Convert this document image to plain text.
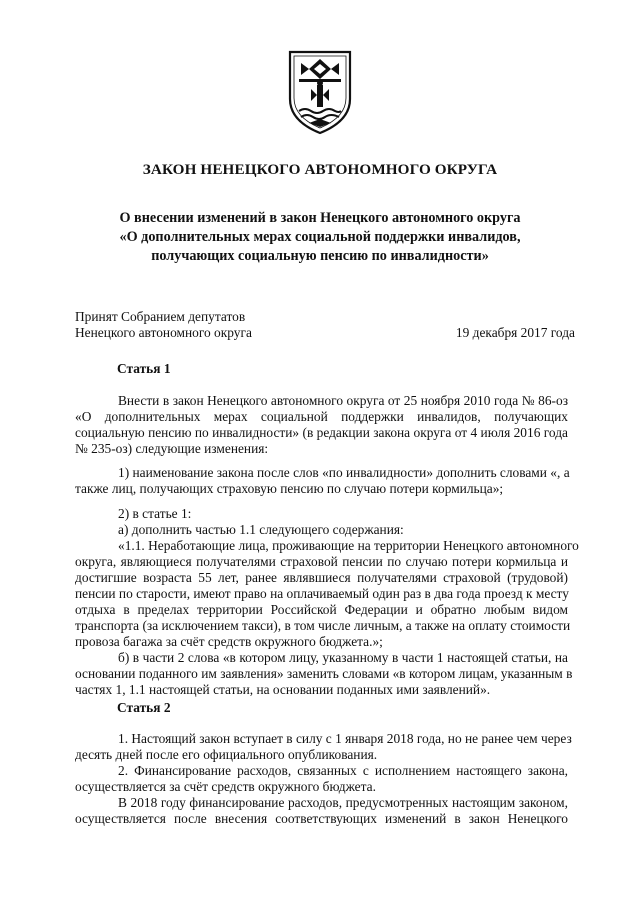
ЗАКОН НЕНЕЦКОГО АВТОНОМНОГО ОКРУГА
О внесении изменений в закон Ненецкого автономного округа
«О дополнительных мерах социальной поддержки инвалидов,
получающих социальную пенсию по инвалидности»
Принят Собранием депутатов
Ненецкого автономного округа	19 декабря 2017 года
Статья 1
Внести в закон Ненецкого автономного округа от 25 ноября 2010 года № 86-оз
«О дополнительных мерах социальной поддержки инвалидов, получающих
социальную пенсию по инвалидности» (в редакции закона округа от 4 июля 2016 года
№ 235-оз) следующие изменения:
1) наименование закона после слов «по инвалидности» дополнить словами «, а
также лиц, получающих страховую пенсию по случаю потери кормильца»;
2) в статье 1:
а) дополнить частью 1.1 следующего содержания:
«1.1. Неработающие лица, проживающие на территории Ненецкого автономного
округа, являющиеся получателями страховой пенсии по случаю потери кормильца и
достигшие возраста 55 лет, ранее являвшиеся получателями страховой (трудовой)
пенсии по старости, имеют право на оплачиваемый один раз в два года проезд к месту
отдыха в пределах территории Российской Федерации и обратно любым видом
транспорта (за исключением такси), в том числе личным, а также на оплату стоимости
провоза багажа за счёт средств окружного бюджета.»;
б) в части 2 слова «в котором лицу, указанному в части 1 настоящей статьи, на
основании поданного им заявления» заменить словами «в котором лицам, указанным в
частях 1, 1.1 настоящей статьи, на основании поданных ими заявлений».
Статья 2
1. Настоящий закон вступает в силу с 1 января 2018 года, но не ранее чем через
десять дней после его официального опубликования.
2. Финансирование расходов, связанных с исполнением настоящего закона,
осуществляется за счёт средств окружного бюджета.
В 2018 году финансирование расходов, предусмотренных настоящим законом,
осуществляется после внесения соответствующих изменений в закон Ненецкого
